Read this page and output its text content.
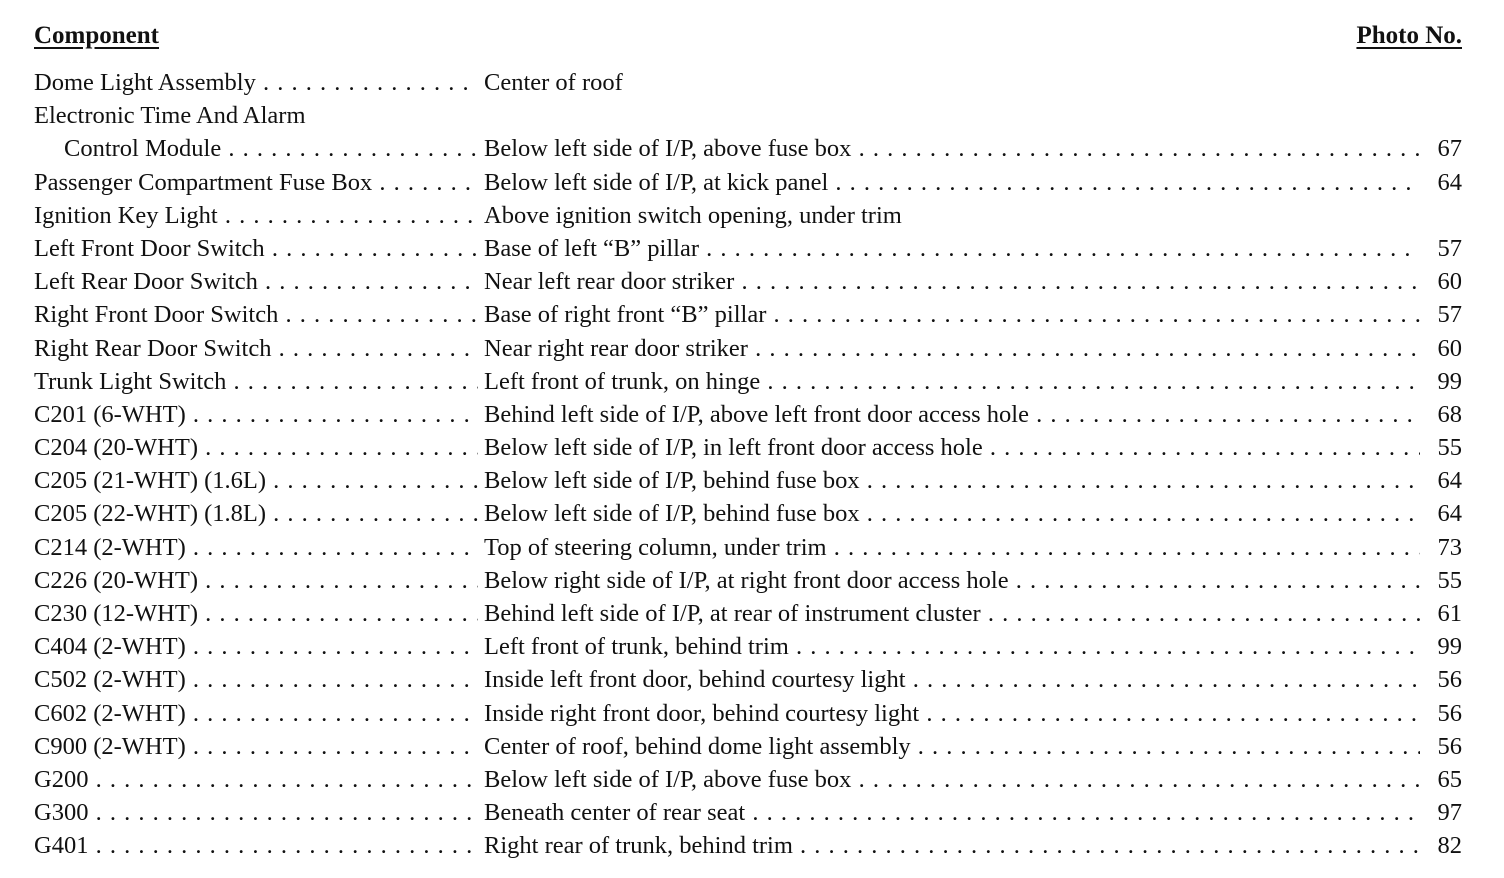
Component	Photo No.
Dome Light Assembly . . .	Center of roof
Electronic Time And Alarm
Control Module . . .	Below left side of I/P, above fuse box . . .	67
Passenger Compartment Fuse Box . . .	Below left side of I/P, at kick panel . . .	64
Ignition Key Light . . .	Above ignition switch opening, under trim
Left Front Door Switch . . .	Base of left “B” pillar . . .	57
Left Rear Door Switch . . .	Near left rear door striker . . .	60
Right Front Door Switch . . .	Base of right front “B” pillar . . .	57
Right Rear Door Switch . . .	Near right rear door striker . . .	60
Trunk Light Switch . . .	Left front of trunk, on hinge . . .	99
C201 (6-WHT) . . .	Behind left side of I/P, above left front door access hole . . .	68
C204 (20-WHT) . . .	Below left side of I/P, in left front door access hole . . .	55
C205 (21-WHT) (1.6L) . . .	Below left side of I/P, behind fuse box . . .	64
C205 (22-WHT) (1.8L) . . .	Below left side of I/P, behind fuse box . . .	64
C214 (2-WHT) . . .	Top of steering column, under trim . . .	73
C226 (20-WHT) . . .	Below right side of I/P, at right front door access hole . . .	55
C230 (12-WHT) . . .	Behind left side of I/P, at rear of instrument cluster . . .	61
C404 (2-WHT) . . .	Left front of trunk, behind trim . . .	99
C502 (2-WHT) . . .	Inside left front door, behind courtesy light . . .	56
C602 (2-WHT) . . .	Inside right front door, behind courtesy light . . .	56
C900 (2-WHT) . . .	Center of roof, behind dome light assembly . . .	56
G200 . . .	Below left side of I/P, above fuse box . . .	65
G300 . . .	Beneath center of rear seat . . .	97
G401 . . .	Right rear of trunk, behind trim . . .	82
